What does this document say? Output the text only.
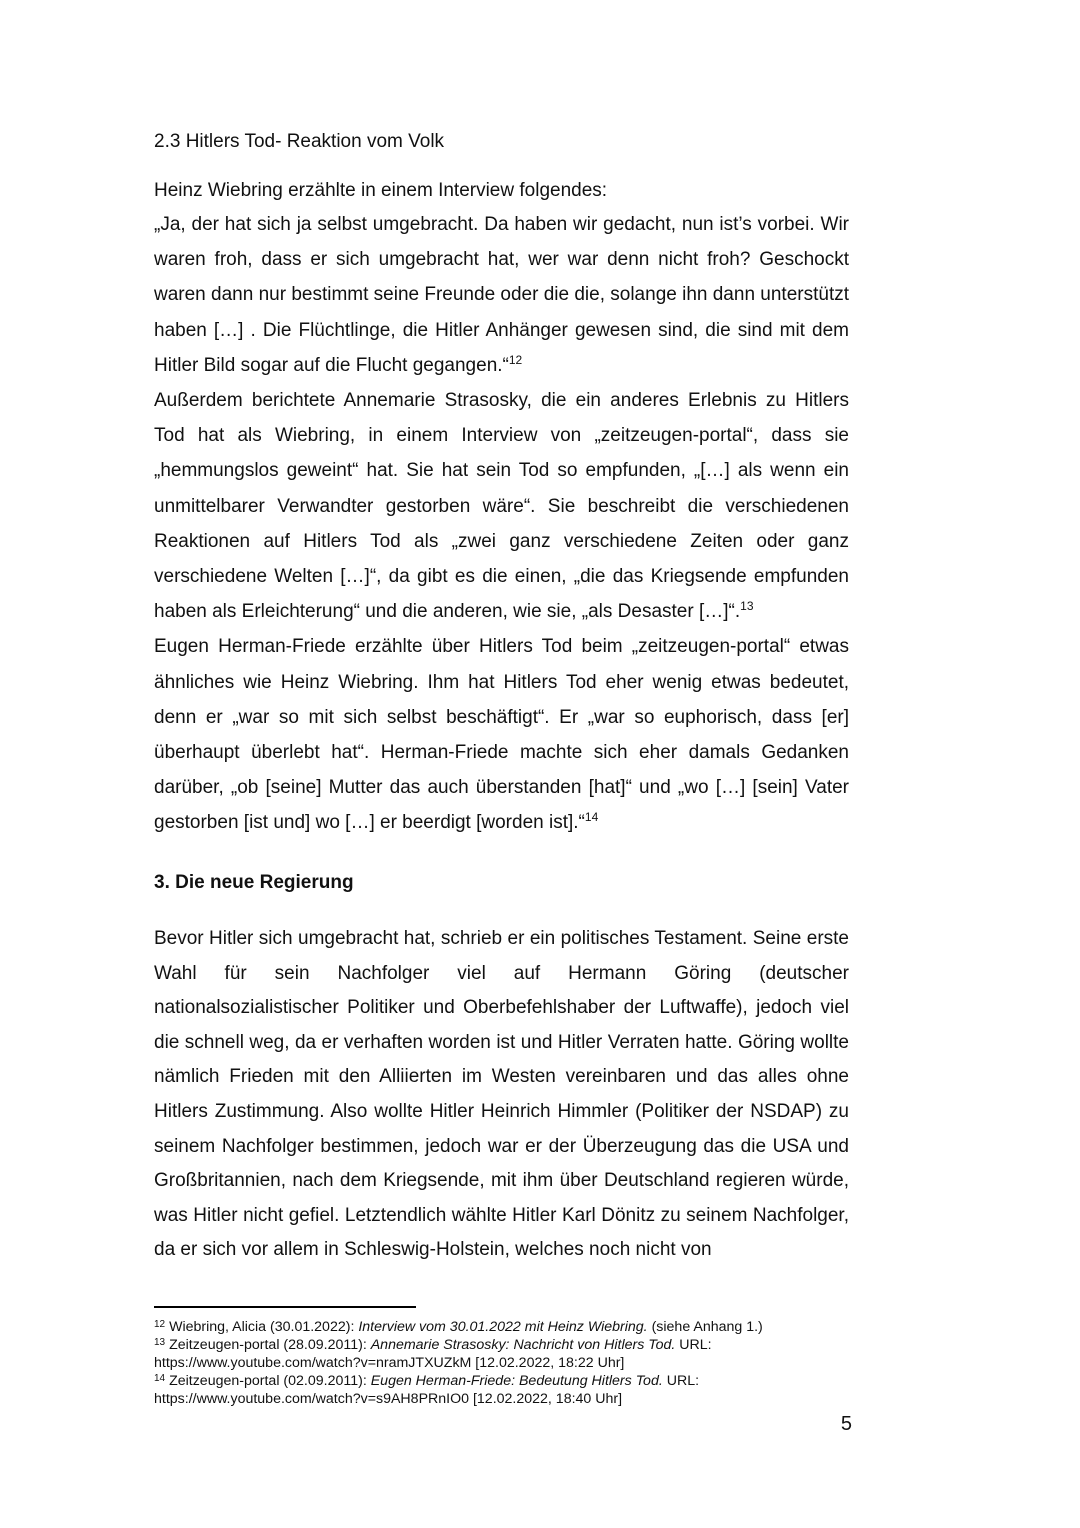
2.3 Hitlers Tod- Reaktion vom Volk
Heinz Wiebring erzählte in einem Interview folgendes:

„Ja, der hat sich ja selbst umgebracht. Da haben wir gedacht, nun ist’s vorbei. Wir waren froh, dass er sich umgebracht hat, wer war denn nicht froh? Geschockt waren dann nur bestimmt seine Freunde oder die die, solange ihn dann unterstützt haben […] . Die Flüchtlinge, die Hitler Anhänger gewesen sind, die sind mit dem Hitler Bild sogar auf die Flucht gegangen.“$^{12}$

Außerdem berichtete Annemarie Strasosky, die ein anderes Erlebnis zu Hitlers Tod hat als Wiebring, in einem Interview von „zeitzeugen-portal“, dass sie „hemmungslos geweint“ hat. Sie hat sein Tod so empfunden, „[…] als wenn ein unmittelbarer Verwandter gestorben wäre“. Sie beschreibt die verschiedenen Reaktionen auf Hitlers Tod als „zwei ganz verschiedene Zeiten oder ganz verschiedene Welten […]“, da gibt es die einen, „die das Kriegsende empfunden haben als Erleichterung“ und die anderen, wie sie, „als Desaster […]“.$^{13}$

Eugen Herman-Friede erzählte über Hitlers Tod beim „zeitzeugen-portal“ etwas ähnliches wie Heinz Wiebring. Ihm hat Hitlers Tod eher wenig etwas bedeutet, denn er „war so mit sich selbst beschäftigt“. Er „war so euphorisch, dass [er] überhaupt überlebt hat“. Herman-Friede machte sich eher damals Gedanken darüber, „ob [seine] Mutter das auch überstanden [hat]“ und „wo […] [sein] Vater gestorben [ist und] wo […] er beerdigt [worden ist].“$^{14}$

3. Die neue Regierung

Bevor Hitler sich umgebracht hat, schrieb er ein politisches Testament. Seine erste Wahl für sein Nachfolger viel auf Hermann Göring (deutscher nationalsozialistischer Politiker und Oberbefehlshaber der Luftwaffe), jedoch viel die schnell weg, da er verhaften worden ist und Hitler Verraten hatte. Göring wollte nämlich Frieden mit den Alliierten im Westen vereinbaren und das alles ohne Hitlers Zustimmung. Also wollte Hitler Heinrich Himmler (Politiker der NSDAP) zu seinem Nachfolger bestimmen, jedoch war er der Überzeugung das die USA und Großbritannien, nach dem Kriegsende, mit ihm über Deutschland regieren würde, was Hitler nicht gefiel. Letztendlich wählte Hitler Karl Dönitz zu seinem Nachfolger, da er sich vor allem in Schleswig-Holstein, welches noch nicht von

$^{12}$ Wiebring, Alicia (30.01.2022): Interview vom 30.01.2022 mit Heinz Wiebring. (siehe Anhang 1.)
$^{13}$ Zeitzeugen-portal (28.09.2011): Annemarie Strasosky: Nachricht von Hitlers Tod. URL:
https://www.youtube.com/watch?v=nramJTXUZkM [12.02.2022, 18:22 Uhr]
$^{14}$ Zeitzeugen-portal (02.09.2011): Eugen Herman-Friede: Bedeutung Hitlers Tod. URL:
https://www.youtube.com/watch?v=s9AH8PRnIO0 [12.02.2022, 18:40 Uhr]
5
